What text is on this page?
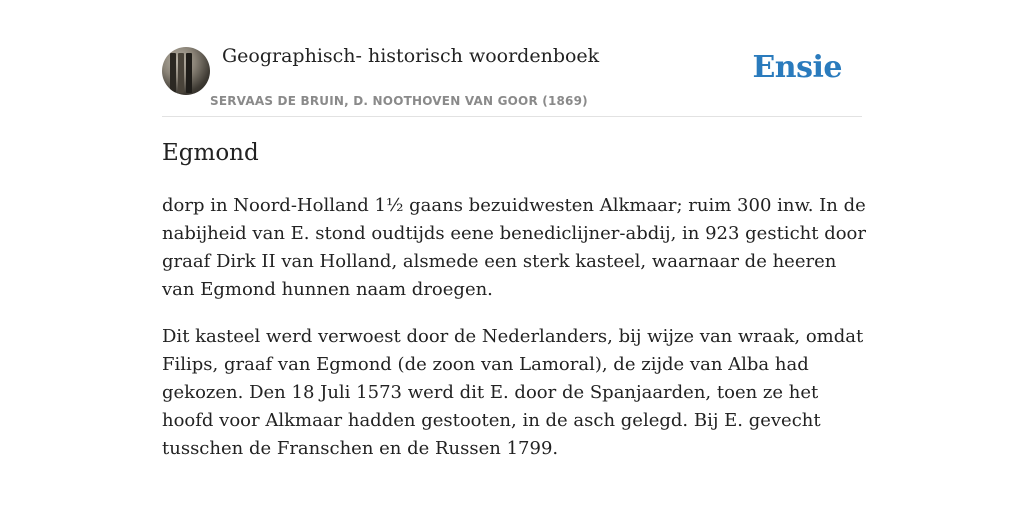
Geographisch- historisch woordenboek
SERVAAS DE BRUIN, D. NOOTHOVEN VAN GOOR (1869)
Ensie
Egmond

dorp in Noord-Holland 1½ gaans bezuidwesten Alkmaar; ruim 300 inw. In de nabijheid van E. stond oudtijds eene benediclijner-abdij, in 923 gesticht door graaf Dirk II van Holland, alsmede een sterk kasteel, waarnaar de heeren van Egmond hunnen naam droegen.

Dit kasteel werd verwoest door de Nederlanders, bij wijze van wraak, omdat Filips, graaf van Egmond (de zoon van Lamoral), de zijde van Alba had gekozen. Den 18 Juli 1573 werd dit E. door de Spanjaarden, toen ze het hoofd voor Alkmaar hadden gestooten, in de asch gelegd. Bij E. gevecht tusschen de Franschen en de Russen 1799.
